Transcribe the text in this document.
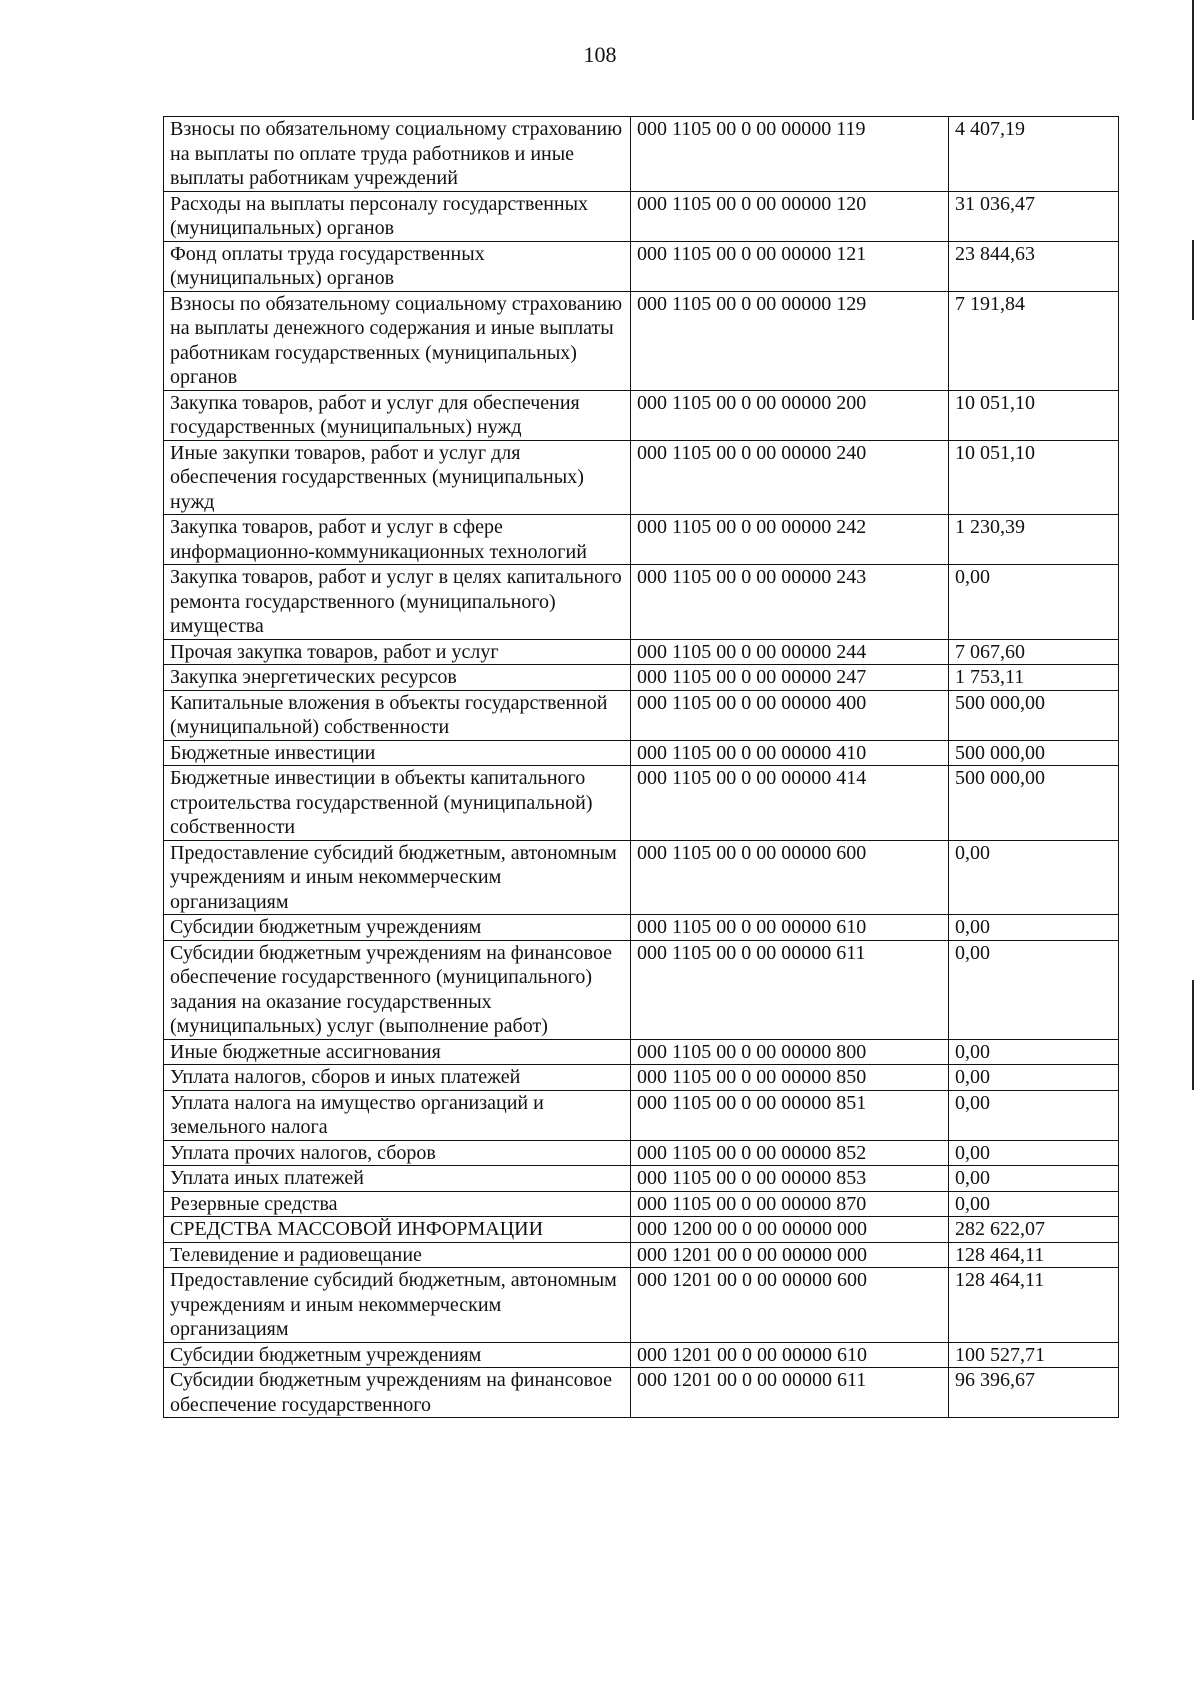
108
Взносы по обязательному социальному страхованию на выплаты по оплате труда работников и иные выплаты работникам учреждений	000 1105 00 0 00 00000 119	4 407,19
Расходы на выплаты персоналу государственных (муниципальных) органов	000 1105 00 0 00 00000 120	31 036,47
Фонд оплаты труда государственных (муниципальных) органов	000 1105 00 0 00 00000 121	23 844,63
Взносы по обязательному социальному страхованию на выплаты денежного содержания и иные выплаты работникам государственных (муниципальных) органов	000 1105 00 0 00 00000 129	7 191,84
Закупка товаров, работ и услуг для обеспечения государственных (муниципальных) нужд	000 1105 00 0 00 00000 200	10 051,10
Иные закупки товаров, работ и услуг для обеспечения государственных (муниципальных) нужд	000 1105 00 0 00 00000 240	10 051,10
Закупка товаров, работ и услуг в сфере информационно-коммуникационных технологий	000 1105 00 0 00 00000 242	1 230,39
Закупка товаров, работ и услуг в целях капитального ремонта государственного (муниципального) имущества	000 1105 00 0 00 00000 243	0,00
Прочая закупка товаров, работ и услуг	000 1105 00 0 00 00000 244	7 067,60
Закупка энергетических ресурсов	000 1105 00 0 00 00000 247	1 753,11
Капитальные вложения в объекты государственной (муниципальной) собственности	000 1105 00 0 00 00000 400	500 000,00
Бюджетные инвестиции	000 1105 00 0 00 00000 410	500 000,00
Бюджетные инвестиции в объекты капитального строительства государственной (муниципальной) собственности	000 1105 00 0 00 00000 414	500 000,00
Предоставление субсидий бюджетным, автономным учреждениям и иным некоммерческим организациям	000 1105 00 0 00 00000 600	0,00
Субсидии бюджетным учреждениям	000 1105 00 0 00 00000 610	0,00
Субсидии бюджетным учреждениям на финансовое обеспечение государственного (муниципального) задания на оказание государственных (муниципальных) услуг (выполнение работ)	000 1105 00 0 00 00000 611	0,00
Иные бюджетные ассигнования	000 1105 00 0 00 00000 800	0,00
Уплата налогов, сборов и иных платежей	000 1105 00 0 00 00000 850	0,00
Уплата налога на имущество организаций и земельного налога	000 1105 00 0 00 00000 851	0,00
Уплата прочих налогов, сборов	000 1105 00 0 00 00000 852	0,00
Уплата иных платежей	000 1105 00 0 00 00000 853	0,00
Резервные средства	000 1105 00 0 00 00000 870	0,00
СРЕДСТВА МАССОВОЙ ИНФОРМАЦИИ	000 1200 00 0 00 00000 000	282 622,07
Телевидение и радиовещание	000 1201 00 0 00 00000 000	128 464,11
Предоставление субсидий бюджетным, автономным учреждениям и иным некоммерческим организациям	000 1201 00 0 00 00000 600	128 464,11
Субсидии бюджетным учреждениям	000 1201 00 0 00 00000 610	100 527,71
Субсидии бюджетным учреждениям на финансовое обеспечение государственного	000 1201 00 0 00 00000 611	96 396,67
